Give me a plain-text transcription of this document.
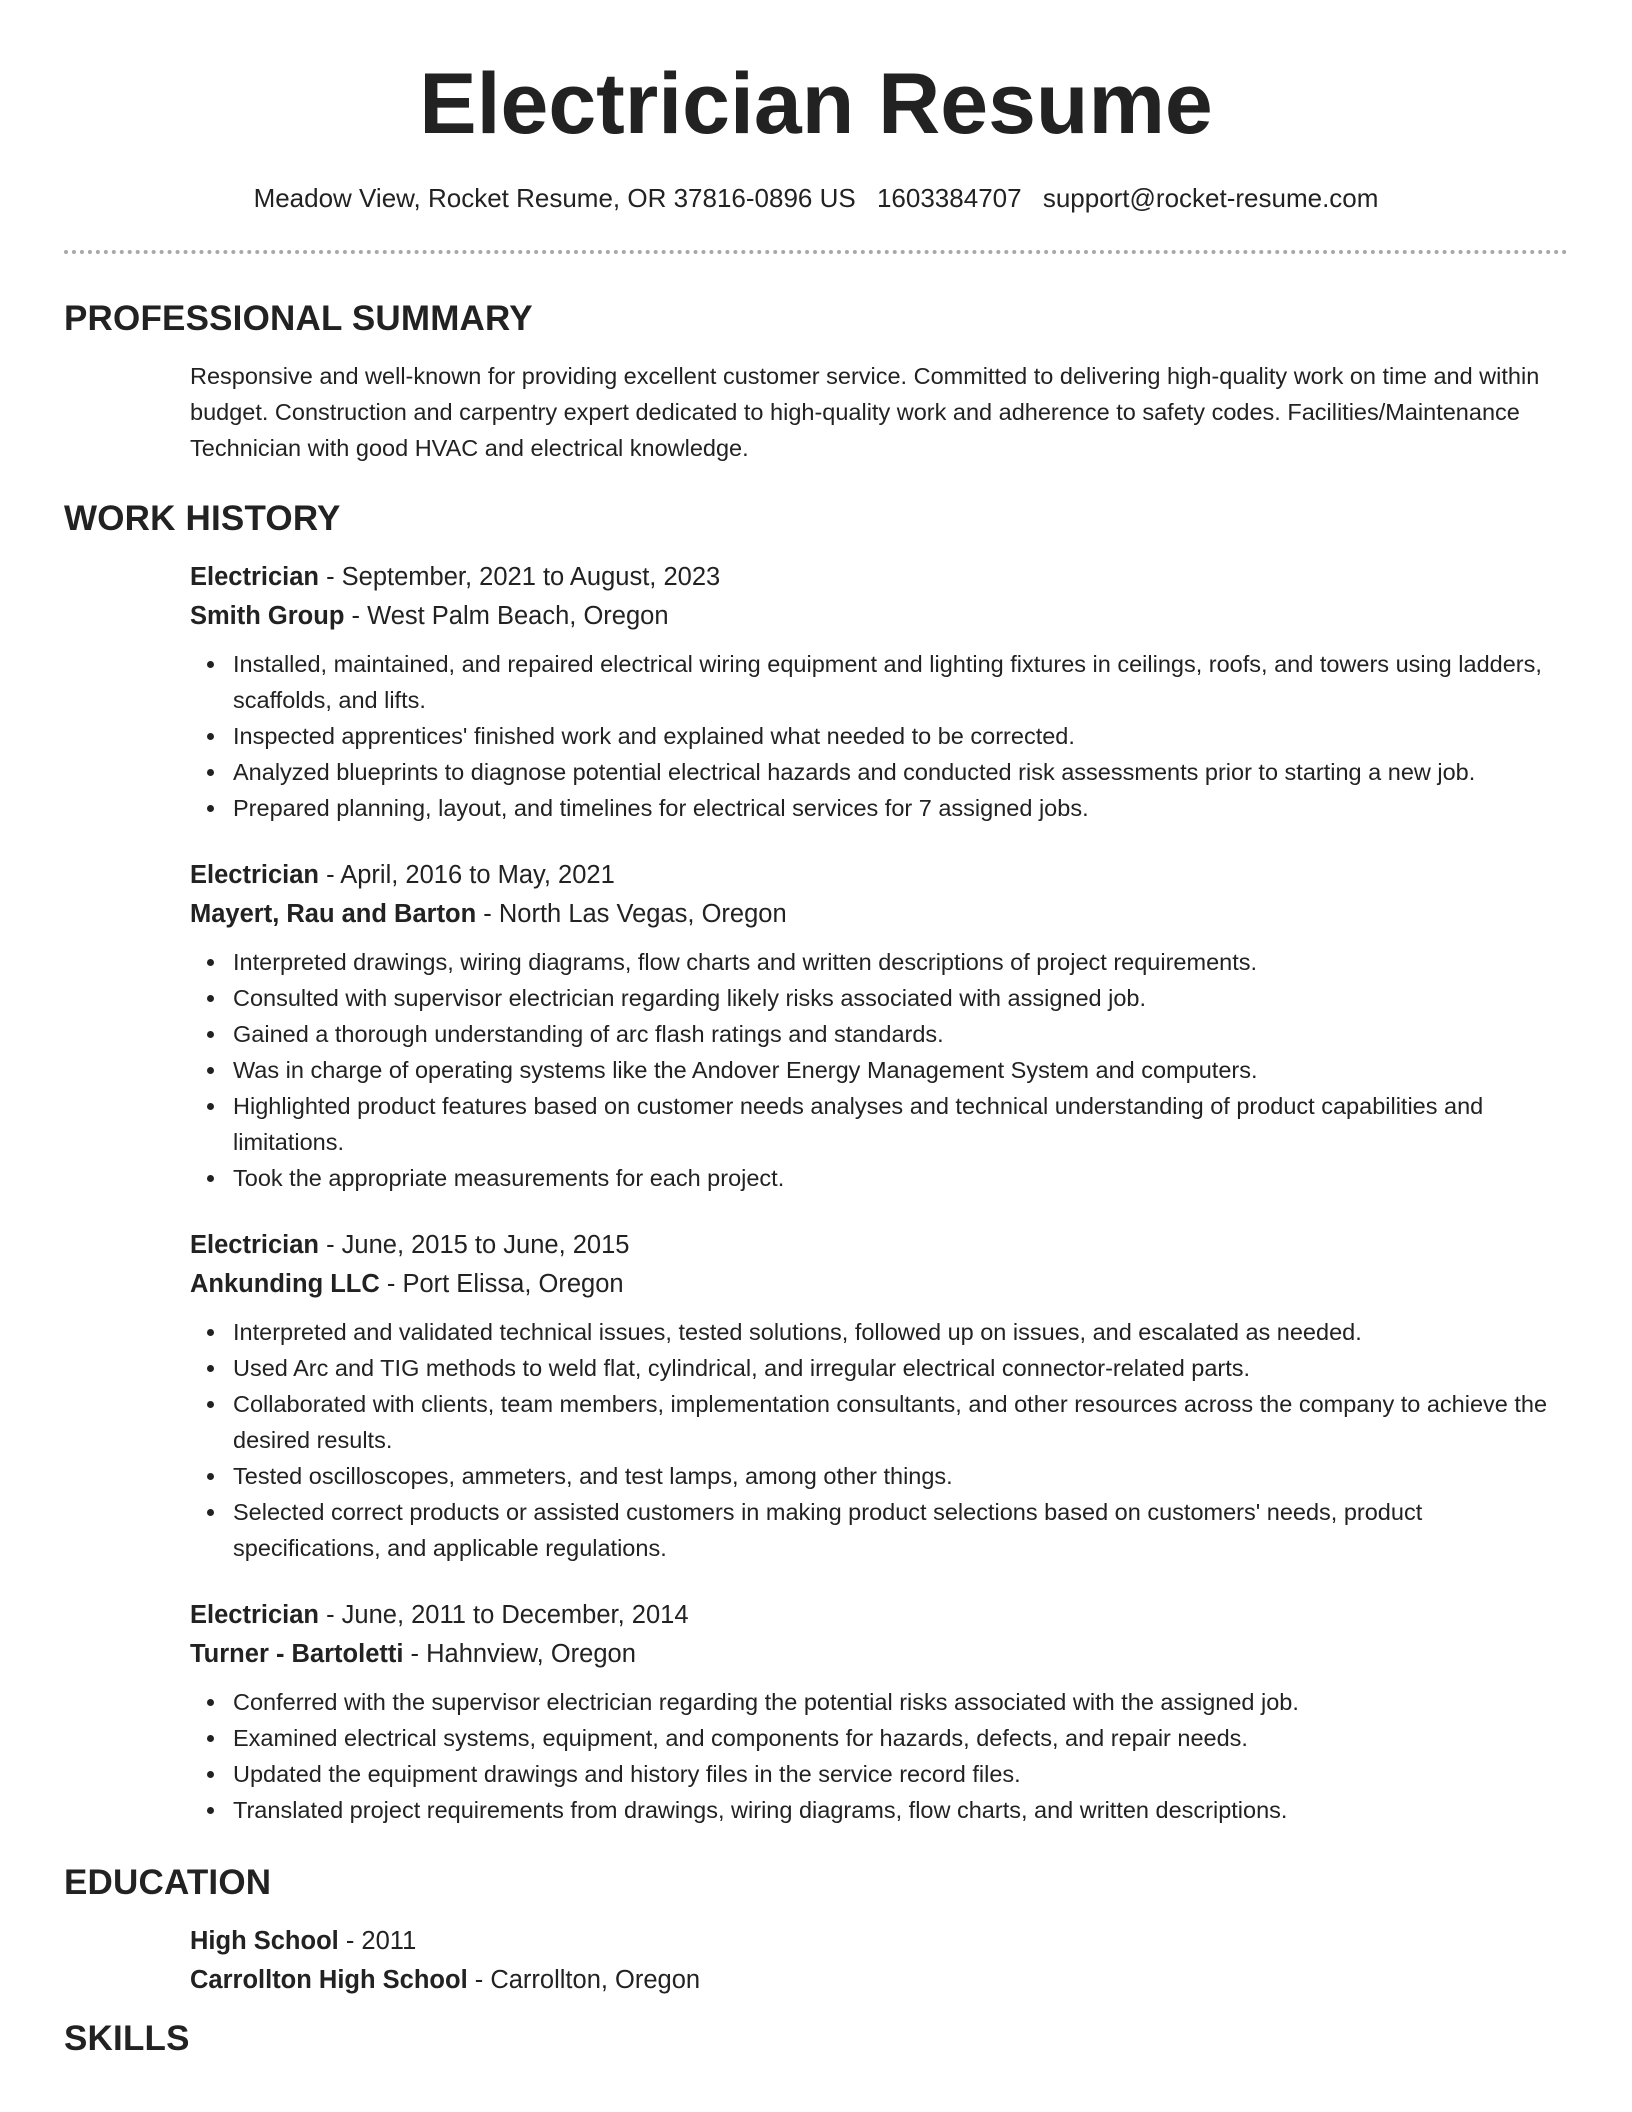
Electrician Resume
Meadow View, Rocket Resume, OR 37816-0896 US 1603384707 support@rocket-resume.com
PROFESSIONAL SUMMARY

Responsive and well-known for providing excellent customer service. Committed to delivering high-quality work on time and within budget. Construction and carpentry expert dedicated to high-quality work and adherence to safety codes. Facilities/Maintenance Technician with good HVAC and electrical knowledge.

WORK HISTORY
Electrician - September, 2021 to August, 2023
Smith Group - West Palm Beach, Oregon
Installed, maintained, and repaired electrical wiring equipment and lighting fixtures in ceilings, roofs, and towers using ladders, scaffolds, and lifts.
Inspected apprentices' finished work and explained what needed to be corrected.
Analyzed blueprints to diagnose potential electrical hazards and conducted risk assessments prior to starting a new job.
Prepared planning, layout, and timelines for electrical services for 7 assigned jobs.
Electrician - April, 2016 to May, 2021
Mayert, Rau and Barton - North Las Vegas, Oregon
Interpreted drawings, wiring diagrams, flow charts and written descriptions of project requirements.
Consulted with supervisor electrician regarding likely risks associated with assigned job.
Gained a thorough understanding of arc flash ratings and standards.
Was in charge of operating systems like the Andover Energy Management System and computers.
Highlighted product features based on customer needs analyses and technical understanding of product capabilities and limitations.
Took the appropriate measurements for each project.
Electrician - June, 2015 to June, 2015
Ankunding LLC - Port Elissa, Oregon
Interpreted and validated technical issues, tested solutions, followed up on issues, and escalated as needed.
Used Arc and TIG methods to weld flat, cylindrical, and irregular electrical connector-related parts.
Collaborated with clients, team members, implementation consultants, and other resources across the company to achieve the desired results.
Tested oscilloscopes, ammeters, and test lamps, among other things.
Selected correct products or assisted customers in making product selections based on customers' needs, product specifications, and applicable regulations.
Electrician - June, 2011 to December, 2014
Turner - Bartoletti - Hahnview, Oregon
Conferred with the supervisor electrician regarding the potential risks associated with the assigned job.
Examined electrical systems, equipment, and components for hazards, defects, and repair needs.
Updated the equipment drawings and history files in the service record files.
Translated project requirements from drawings, wiring diagrams, flow charts, and written descriptions.
EDUCATION
High School - 2011
Carrollton High School - Carrollton, Oregon
SKILLS
